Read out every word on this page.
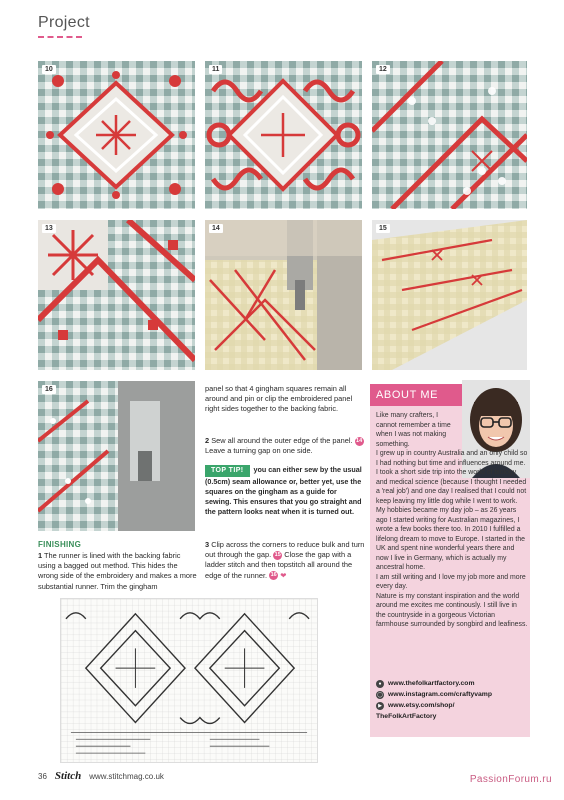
Project
10	11	12
13	14	15
16	panel so that 4 gingham squares remain all around and pin or clip the embroidered panel right sides together to the backing fabric.

2 Sew all around the outer edge of the panel. 14 Leave a turning gap on one side.

TOP TIP! you can either sew by the usual (0.5cm) seam allowance or, better yet, use the squares on the gingham as a guide for sewing. This ensures that you go straight and the pattern looks neat when it is turned out.

3 Clip across the corners to reduce bulk and turn out through the gap. 15 Close the gap with a ladder stitch and then topstitch all around the edge of the runner. 16 ❤

FINISHING

1 The runner is lined with the backing fabric using a bagged out method. This hides the wrong side of the embroidery and makes a more substantial runner. Trim the gingham

ABOUT ME

Like many crafters, I cannot remember a time when I was not making something.

I grew up in country Australia and an only child so I had nothing but time and influences around me. I took a short side trip into the world of biology and medical science (because I thought I needed a 'real job') and one day I realised that I could not keep leaving my little dog while I went to work. My hobbies became my day job – as 26 years ago I started writing for Australian magazines, I wrote a few books there too. In 2010 I fulfilled a lifelong dream to move to Europe. I started in the UK and spent nine wonderful years there and now I live in Germany, which is actually my ancestral home.

I am still writing and I love my job more and more every day.

Nature is my constant inspiration and the world around me excites me continously. I still live in the countryside in a gorgeous Victorian farmhouse surrounded by songbird and leafiness.

● www.thefolkartfactory.com
◯ www.instagram.com/craftyvamp
▶ www.etsy.com/shop/
TheFolkArtFactory
36 Stitch www.stitchmag.co.uk	PassionForum.ru
